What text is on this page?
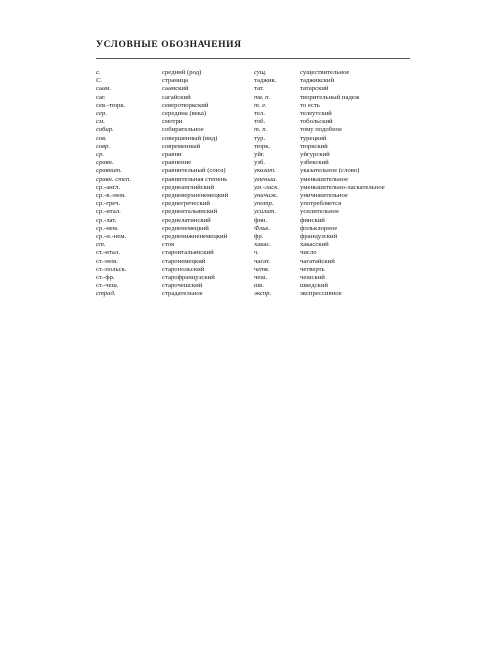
УСЛОВНЫЕ ОБОЗНАЧЕНИЯ
с.	средний (род)	сущ.	существительное
С.	страница	таджик.	таджикский
саам.	саамский	тат.	татарский
саг.	сагайский	тв. п.	творительный падеж
сев.-тюрк.	северотюркский	т. е.	то есть
сер.	середина (века)	тел.	телеутский
см.	смотри	тоб.	тобольский
собир.	собирательное	т. п.	тому подобное
сов.	совершенный (вид)	тур.	турецкий
совр.	современный	тюрк.	тюркский
ср.	сравни	уйг.	уйгурский
сравн.	сравнение	узб.	узбекский
сравнит.	сравнительный (союз)	указат.	указательное (слово)
сравн. степ.	сравнительная степень	уменьш.	уменьшительное
ср.-англ.	среднеанглийский	ум.-ласк.	уменьшительно-ласкательное
ср.-в.-нем.	средневерхненемецкий	уничиж.	уничижительное
ср.-греч.	среднегреческий	употр.	употребляется
ср.-итал.	среднеитальянский	усилит.	усилительное
ср.-лат.	среднелатинский	фин.	финский
ср.-нем.	средненемецкий	Фльк.	фольклорное
ср.-н.-нем.	средненижненемецкий	фр.	французский
ст.	стоя	хакас.	хакасский
ст.-итал.	староитальянский	ч.	число
ст.-нем.	старонемецкий	чагат.	чагатайский
ст.-польск.	старопольский	четв.	четверть
ст.-фр.	старофранцузский	чеш.	чешский
ст.-чеш.	старочешский	шв.	шведский
страд.	страдательное	экспр.	экспрессивное
